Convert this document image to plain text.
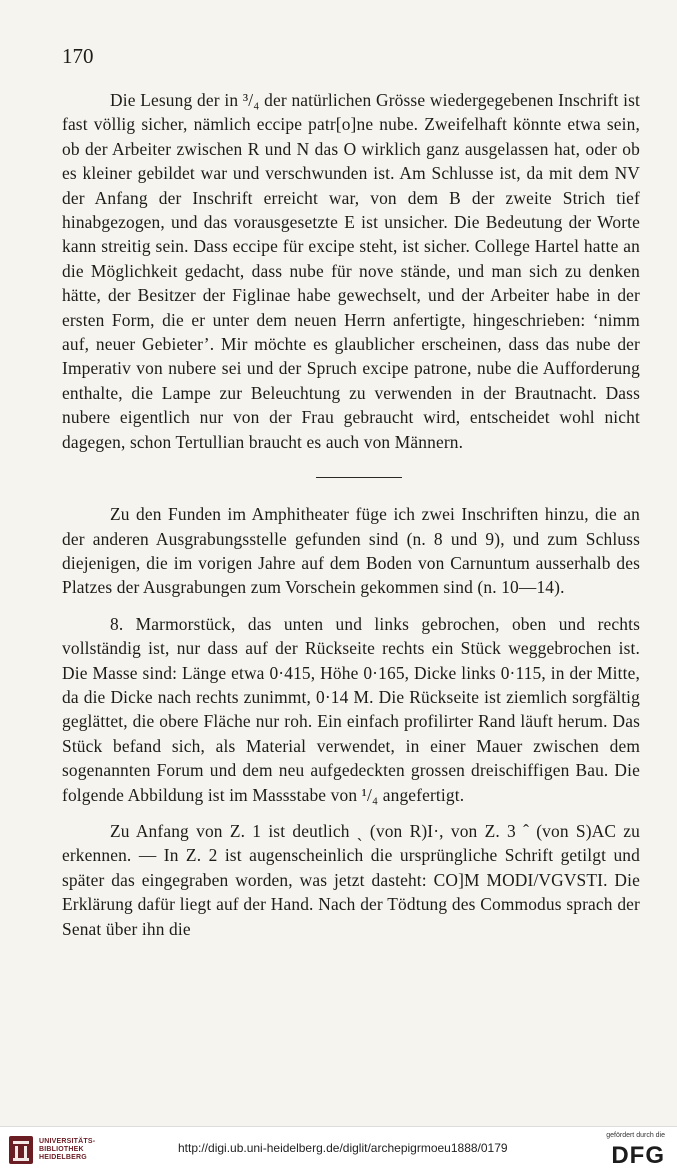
170

Die Lesung der in ³/₄ der natürlichen Grösse wiedergegebenen Inschrift ist fast völlig sicher, nämlich eccipe patr[o]ne nube. Zweifelhaft könnte etwa sein, ob der Arbeiter zwischen R und N das O wirklich ganz ausgelassen hat, oder ob es kleiner gebildet war und verschwunden ist. Am Schlusse ist, da mit dem NV der Anfang der Inschrift erreicht war, von dem B der zweite Strich tief hinabgezogen, und das vorausgesetzte E ist unsicher. Die Bedeutung der Worte kann streitig sein. Dass eccipe für excipe steht, ist sicher. College Hartel hatte an die Möglichkeit gedacht, dass nube für nove stände, und man sich zu denken hätte, der Besitzer der Figlinae habe gewechselt, und der Arbeiter habe in der ersten Form, die er unter dem neuen Herrn anfertigte, hingeschrieben: ‘nimm auf, neuer Gebieter’. Mir möchte es glaublicher erscheinen, dass das nube der Imperativ von nubere sei und der Spruch excipe patrone, nube die Aufforderung enthalte, die Lampe zur Beleuchtung zu verwenden in der Brautnacht. Dass nubere eigentlich nur von der Frau gebraucht wird, entscheidet wohl nicht dagegen, schon Tertullian braucht es auch von Männern.

Zu den Funden im Amphitheater füge ich zwei Inschriften hinzu, die an der anderen Ausgrabungsstelle gefunden sind (n. 8 und 9), und zum Schluss diejenigen, die im vorigen Jahre auf dem Boden von Carnuntum ausserhalb des Platzes der Ausgrabungen zum Vorschein gekommen sind (n. 10—14).

8. Marmorstück, das unten und links gebrochen, oben und rechts vollständig ist, nur dass auf der Rückseite rechts ein Stück weggebrochen ist. Die Masse sind: Länge etwa 0·415, Höhe 0·165, Dicke links 0·115, in der Mitte, da die Dicke nach rechts zunimmt, 0·14 M. Die Rückseite ist ziemlich sorgfältig geglättet, die obere Fläche nur roh. Ein einfach profilirter Rand läuft herum. Das Stück befand sich, als Material verwendet, in einer Mauer zwischen dem sogenannten Forum und dem neu aufgedeckten grossen dreischiffigen Bau. Die folgende Abbildung ist im Massstabe von ¹/₄ angefertigt.

Zu Anfang von Z. 1 ist deutlich ˎ (von R)I·, von Z. 3 ˆ (von S)AC zu erkennen. — In Z. 2 ist augenscheinlich die ursprüngliche Schrift getilgt und später das eingegraben worden, was jetzt dasteht: CO]M MODI/VGVSTI. Die Erklärung dafür liegt auf der Hand. Nach der Tödtung des Commodus sprach der Senat über ihn die

UNIVERSITÄTS-
BIBLIOTHEK
HEIDELBERG
http://digi.ub.uni-heidelberg.de/diglit/archepigrmoeu1888/0179
gefördert durch die
DFG
